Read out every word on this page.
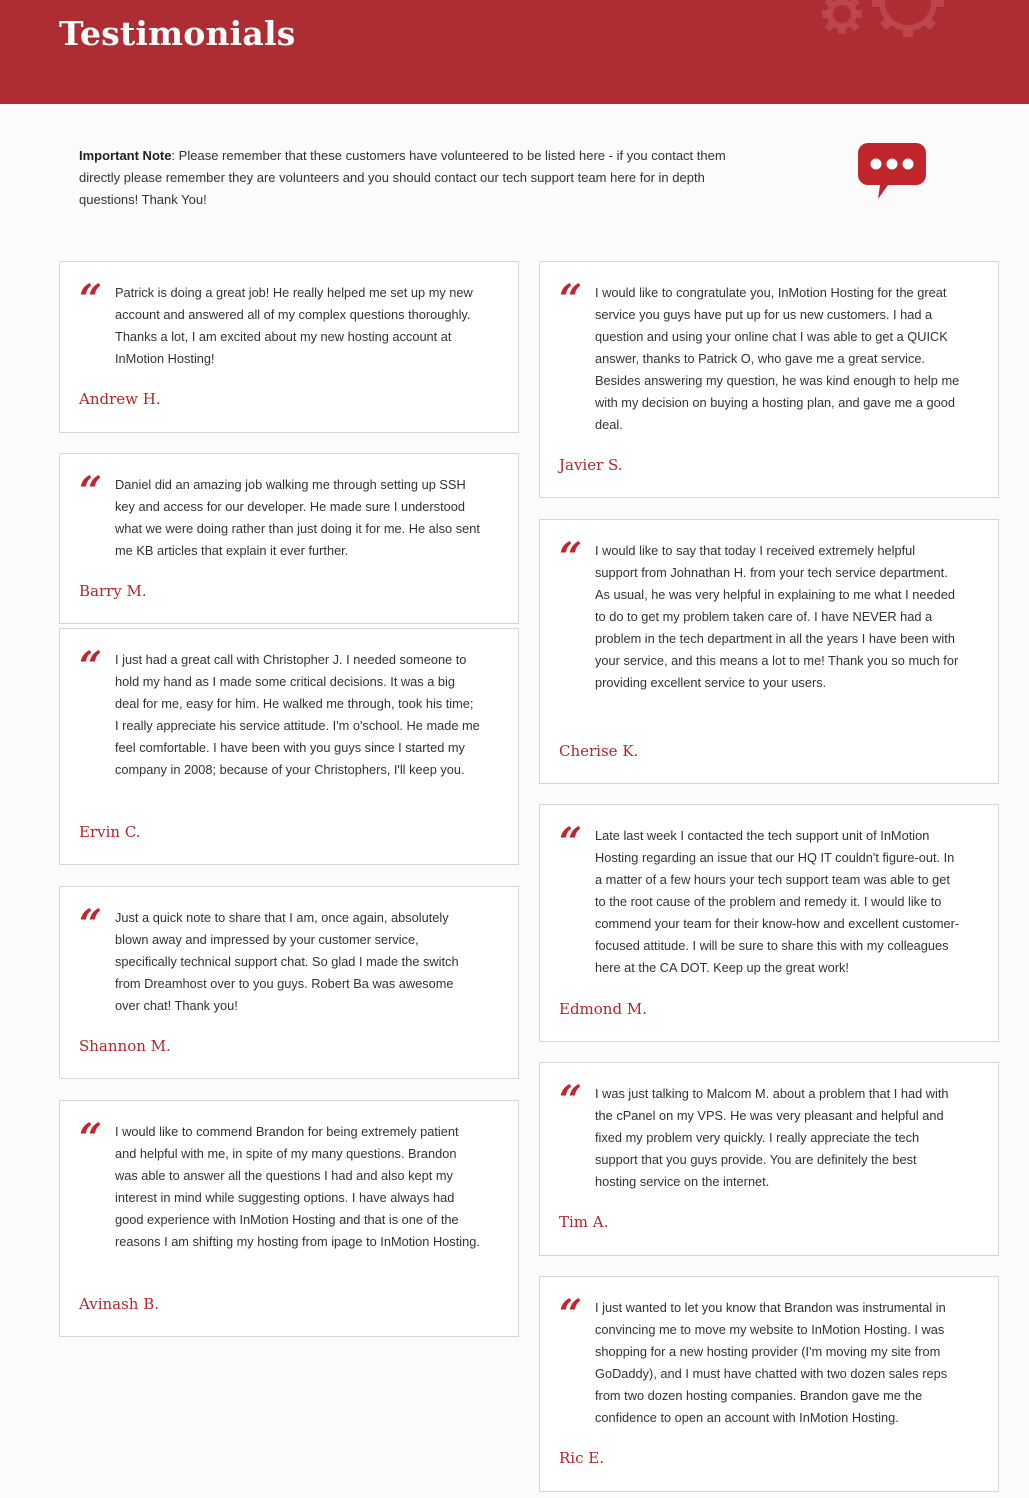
Testimonials
Important Note: Please remember that these customers have volunteered to be listed here - if you contact them directly please remember they are volunteers and you should contact our tech support team here for in depth questions! Thank You!
“ Patrick is doing a great job! He really helped me set up my new account and answered all of my complex questions thoroughly. Thanks a lot, I am excited about my new hosting account at InMotion Hosting!
Andrew H.
“ Daniel did an amazing job walking me through setting up SSH key and access for our developer. He made sure I understood what we were doing rather than just doing it for me. He also sent me KB articles that explain it ever further.
Barry M.
“ I just had a great call with Christopher J. I needed someone to hold my hand as I made some critical decisions. It was a big deal for me, easy for him. He walked me through, took his time; I really appreciate his service attitude. I'm o'school. He made me feel comfortable. I have been with you guys since I started my company in 2008; because of your Christophers, I'll keep you.
Ervin C.
“ Just a quick note to share that I am, once again, absolutely blown away and impressed by your customer service, specifically technical support chat. So glad I made the switch from Dreamhost over to you guys. Robert Ba was awesome over chat! Thank you!
Shannon M.
“ I would like to commend Brandon for being extremely patient and helpful with me, in spite of my many questions. Brandon was able to answer all the questions I had and also kept my interest in mind while suggesting options. I have always had good experience with InMotion Hosting and that is one of the reasons I am shifting my hosting from ipage to InMotion Hosting.
Avinash B.
“ I would like to congratulate you, InMotion Hosting for the great service you guys have put up for us new customers. I had a question and using your online chat I was able to get a QUICK answer, thanks to Patrick O, who gave me a great service. Besides answering my question, he was kind enough to help me with my decision on buying a hosting plan, and gave me a good deal.
Javier S.
“ I would like to say that today I received extremely helpful support from Johnathan H. from your tech service department. As usual, he was very helpful in explaining to me what I needed to do to get my problem taken care of. I have NEVER had a problem in the tech department in all the years I have been with your service, and this means a lot to me! Thank you so much for providing excellent service to your users.
Cherise K.
“ Late last week I contacted the tech support unit of InMotion Hosting regarding an issue that our HQ IT couldn't figure-out. In a matter of a few hours your tech support team was able to get to the root cause of the problem and remedy it. I would like to commend your team for their know-how and excellent customer-focused attitude. I will be sure to share this with my colleagues here at the CA DOT. Keep up the great work!
Edmond M.
“ I was just talking to Malcom M. about a problem that I had with the cPanel on my VPS. He was very pleasant and helpful and fixed my problem very quickly. I really appreciate the tech support that you guys provide. You are definitely the best hosting service on the internet.
Tim A.
“ I just wanted to let you know that Brandon was instrumental in convincing me to move my website to InMotion Hosting. I was shopping for a new hosting provider (I'm moving my site from GoDaddy), and I must have chatted with two dozen sales reps from two dozen hosting companies. Brandon gave me the confidence to open an account with InMotion Hosting.
Ric E.
